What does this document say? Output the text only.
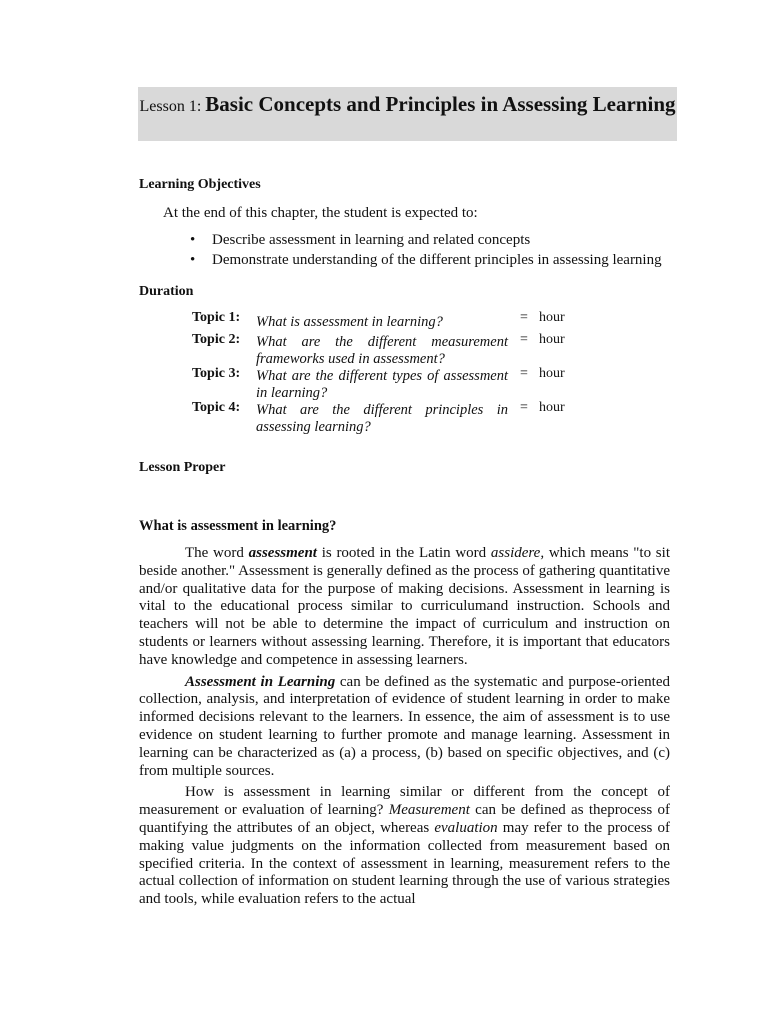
Lesson 1: Basic Concepts and Principles in Assessing Learning
Learning Objectives
At the end of this chapter, the student is expected to:
• Describe assessment in learning and related concepts
• Demonstrate understanding of the different principles in assessing learning
Duration
Topic 1: What is assessment in learning?	= hour
Topic 2: What are the different measurement frameworks used in assessment?
= hour
Topic 3: What are the different types of assessment in learning?
= hour
Topic 4: What are the different principles in assessing learning?
= hour
Lesson Proper
What is assessment in learning?

The word assessment is rooted in the Latin word assidere, which means "to sit beside another." Assessment is generally defined as the process of gathering quantitative and/or qualitative data for the purpose of making decisions. Assessment in learning is vital to the educational process similar to curriculumand instruction. Schools and teachers will not be able to determine the impact of curriculum and instruction on students or learners without assessing learning. Therefore, it is important that educators have knowledge and competence in assessing learners.

Assessment in Learning can be defined as the systematic and purpose-oriented collection, analysis, and interpretation of evidence of student learning in order to make informed decisions relevant to the learners. In essence, the aim of assessment is to use evidence on student learning to further promote and manage learning. Assessment in learning can be characterized as (a) a process, (b) based on specific objectives, and (c) from multiple sources.

How is assessment in learning similar or different from the concept of measurement or evaluation of learning? Measurement can be defined as theprocess of quantifying the attributes of an object, whereas evaluation may refer to the process of making value judgments on the information collected from measurement based on specified criteria. In the context of assessment in learning, measurement refers to the actual collection of information on student learning through the use of various strategies and tools, while evaluation refers to the actual
